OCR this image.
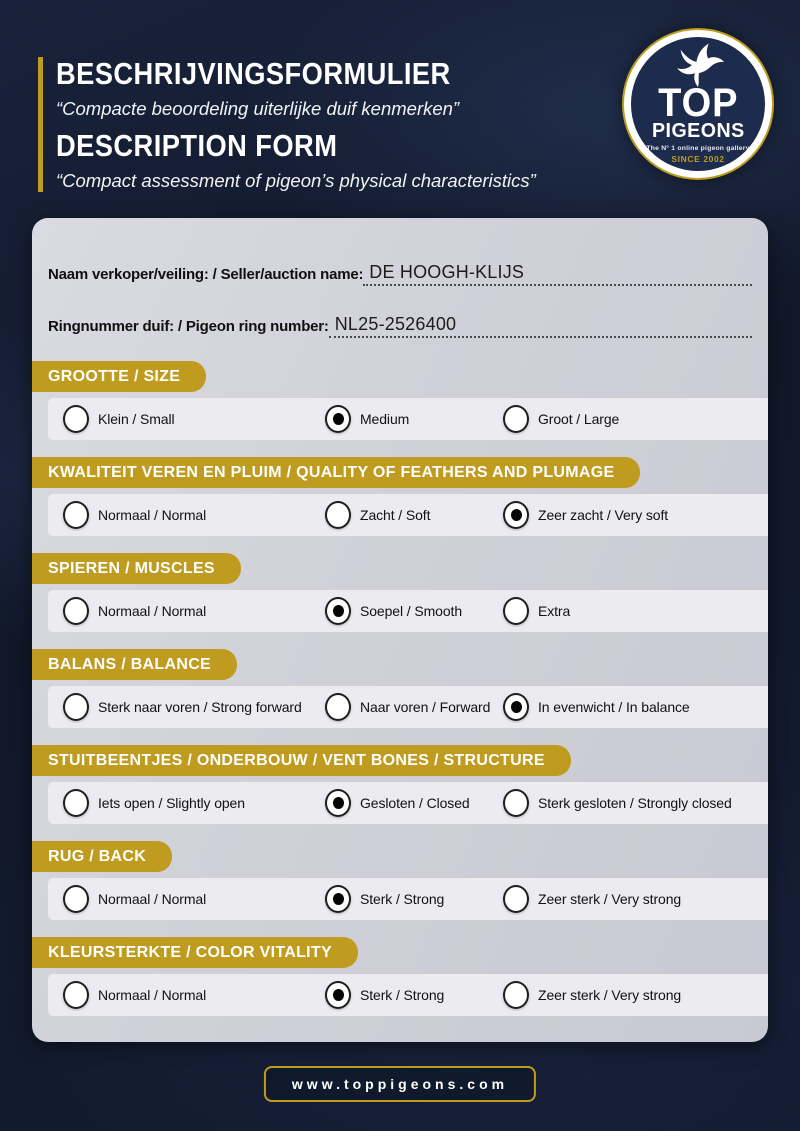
BESCHRIJVINGSFORMULIER
“Compacte beoordeling uiterlijke duif kenmerken”
DESCRIPTION FORM
“Compact assessment of pigeon’s physical characteristics”
TOP
PIGEONS
The N° 1 online pigeon gallery
SINCE 2002
Naam verkoper/veiling: / Seller/auction name: DE HOOGH-KLIJS
Ringnummer duif: / Pigeon ring number: NL25-2526400
GROOTTE / SIZE
Klein / Small	Medium	Groot / Large
KWALITEIT VEREN EN PLUIM / QUALITY OF FEATHERS AND PLUMAGE
Normaal / Normal	Zacht / Soft	Zeer zacht / Very soft
SPIEREN / MUSCLES
Normaal / Normal	Soepel / Smooth	Extra
BALANS / BALANCE
Sterk naar voren / Strong forward	Naar voren / Forward	In evenwicht / In balance
STUITBEENTJES / ONDERBOUW / VENT BONES / STRUCTURE
Iets open / Slightly open	Gesloten / Closed	Sterk gesloten / Strongly closed
RUG / BACK
Normaal / Normal	Sterk / Strong	Zeer sterk / Very strong
KLEURSTERKTE / COLOR VITALITY
Normaal / Normal	Sterk / Strong	Zeer sterk / Very strong
www.toppigeons.com
